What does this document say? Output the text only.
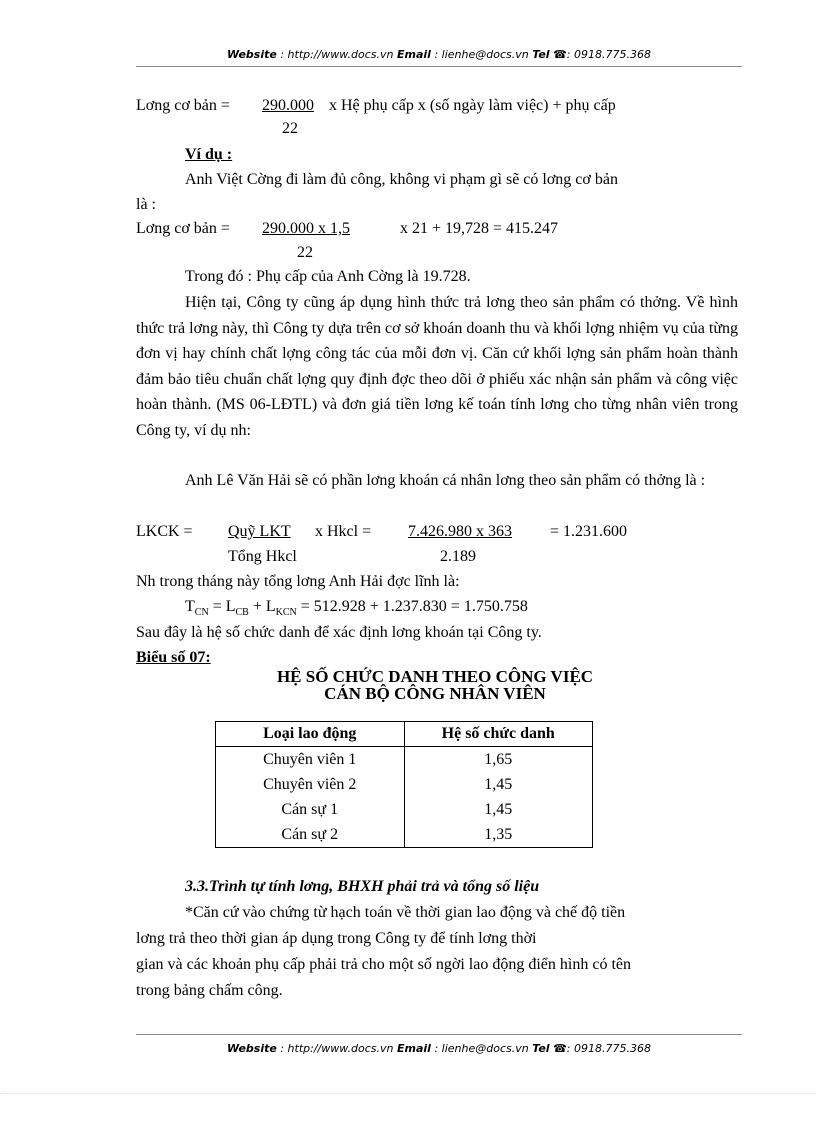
Website : http://www.docs.vn Email : lienhe@docs.vn Tel ☎: 0918.775.368
Lơng cơ bản = 290.000 x Hệ phụ cấp x (số ngày làm việc) + phụ cấp
22
Ví dụ :
Anh Việt Cờng đi làm đủ công, không vi phạm gì sẽ có lơng cơ bản
là :
Lơng cơ bản = 290.000 x 1,5	x 21 + 19,728 = 415.247
22
Trong đó : Phụ cấp của Anh Cờng là 19.728.
Hiện tại, Công ty cũng áp dụng hình thức trả lơng theo sản phẩm có thởng. Về hình thức trả lơng này, thì Công ty dựa trên cơ sở khoán doanh thu và khối lợng nhiệm vụ của từng đơn vị hay chính chất lợng công tác của mỗi đơn vị. Căn cứ khối lợng sản phẩm hoàn thành đảm bảo tiêu chuẩn chất lợng quy định đợc theo dõi ở phiếu xác nhận sản phẩm và công việc hoàn thành. (MS 06-LĐTL) và đơn giá tiền lơng kế toán tính lơng cho từng nhân viên trong Công ty, ví dụ nh:
Anh Lê Văn Hải sẽ có phần lơng khoán cá nhân lơng theo sản phẩm có thởng là :
LKCK = Quỹ LKT x Hkcl = 7.426.980 x 363 = 1.231.600
Tổng Hkcl	2.189
Nh trong tháng này tổng lơng Anh Hải đợc lĩnh là:
$T_{CN} = L_{CB} + L_{KCN} = 512.928 + 1.237.830 = 1.750.758$
Sau đây là hệ số chức danh để xác định lơng khoán tại Công ty.
Biểu số 07:
HỆ SỐ CHỨC DANH THEO CÔNG VIỆC
CÁN BỘ CÔNG NHÂN VIÊN
Loại lao động	Hệ số chức danh
Chuyên viên 1	1,65
Chuyên viên 2	1,45
Cán sự 1	1,45
Cán sự 2	1,35
3.3.Trình tự tính lơng, BHXH phải trả và tổng số liệu
*Căn cứ vào chứng từ hạch toán về thời gian lao động và chế độ tiền
lơng trả theo thời gian áp dụng trong Công ty để tính lơng thời
gian và các khoản phụ cấp phải trả cho một số ngời lao động điển hình có tên
trong bảng chấm công.
Website : http://www.docs.vn Email : lienhe@docs.vn Tel ☎: 0918.775.368
